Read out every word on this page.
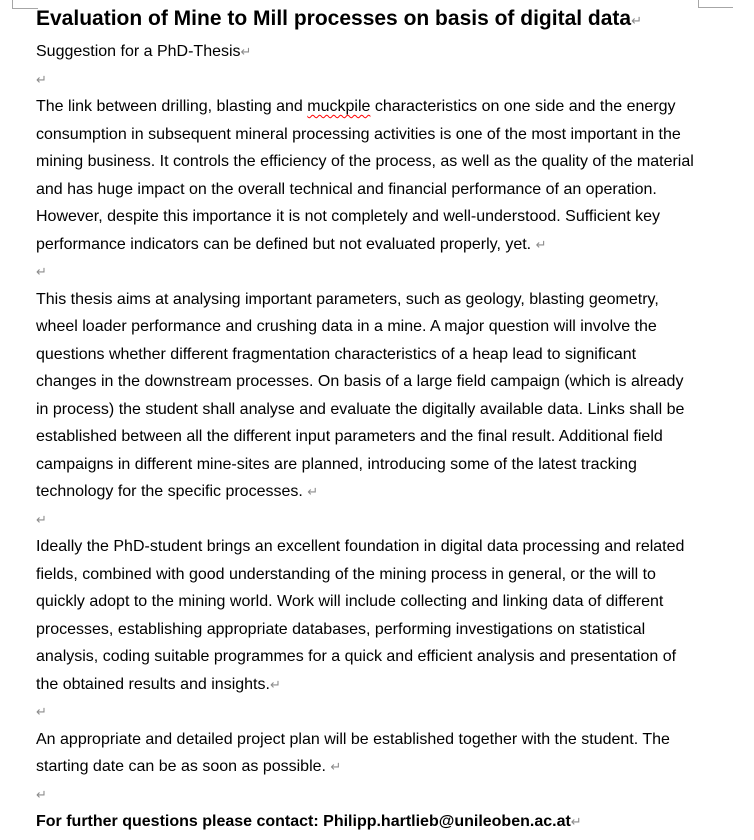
Evaluation of Mine to Mill processes on basis of digital data↵
Suggestion for a PhD-Thesis↵
↵
The link between drilling, blasting and muckpile characteristics on one side and the energy
consumption in subsequent mineral processing activities is one of the most important in the
mining business. It controls the efficiency of the process, as well as the quality of the material
and has huge impact on the overall technical and financial performance of an operation.
However, despite this importance it is not completely and well-understood. Sufficient key
performance indicators can be defined but not evaluated properly, yet. ↵
↵
This thesis aims at analysing important parameters, such as geology, blasting geometry,
wheel loader performance and crushing data in a mine. A major question will involve the
questions whether different fragmentation characteristics of a heap lead to significant
changes in the downstream processes. On basis of a large field campaign (which is already
in process) the student shall analyse and evaluate the digitally available data. Links shall be
established between all the different input parameters and the final result. Additional field
campaigns in different mine-sites are planned, introducing some of the latest tracking
technology for the specific processes. ↵
↵
Ideally the PhD-student brings an excellent foundation in digital data processing and related
fields, combined with good understanding of the mining process in general, or the will to
quickly adopt to the mining world. Work will include collecting and linking data of different
processes, establishing appropriate databases, performing investigations on statistical
analysis, coding suitable programmes for a quick and efficient analysis and presentation of
the obtained results and insights.↵
↵
An appropriate and detailed project plan will be established together with the student. The
starting date can be as soon as possible. ↵
↵
For further questions please contact: Philipp.hartlieb@unileoben.ac.at↵
